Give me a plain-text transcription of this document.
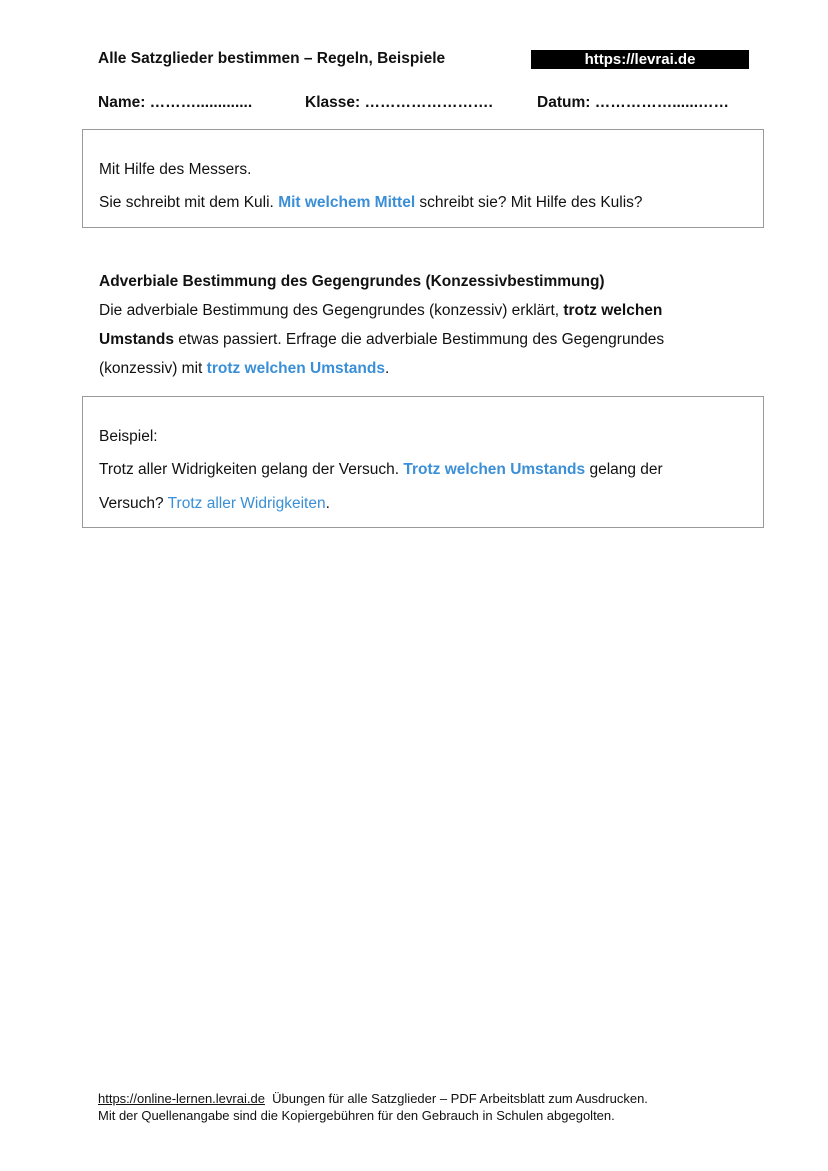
Alle Satzglieder bestimmen – Regeln, Beispiele	https://levrai.de
Name: ……….............	Klasse: …………………….	Datum: ……………......……
Mit Hilfe des Messers.
Sie schreibt mit dem Kuli. Mit welchem Mittel schreibt sie? Mit Hilfe des Kulis?
Adverbiale Bestimmung des Gegengrundes (Konzessivbestimmung)
Die adverbiale Bestimmung des Gegengrundes (konzessiv) erklärt, trotz welchen Umstands etwas passiert. Erfrage die adverbiale Bestimmung des Gegengrundes (konzessiv) mit trotz welchen Umstands.
Beispiel:
Trotz aller Widrigkeiten gelang der Versuch. Trotz welchen Umstands gelang der
Versuch? Trotz aller Widrigkeiten.
https://online-lernen.levrai.de  Übungen für alle Satzglieder – PDF Arbeitsblatt zum Ausdrucken.
Mit der Quellenangabe sind die Kopiergebühren für den Gebrauch in Schulen abgegolten.
